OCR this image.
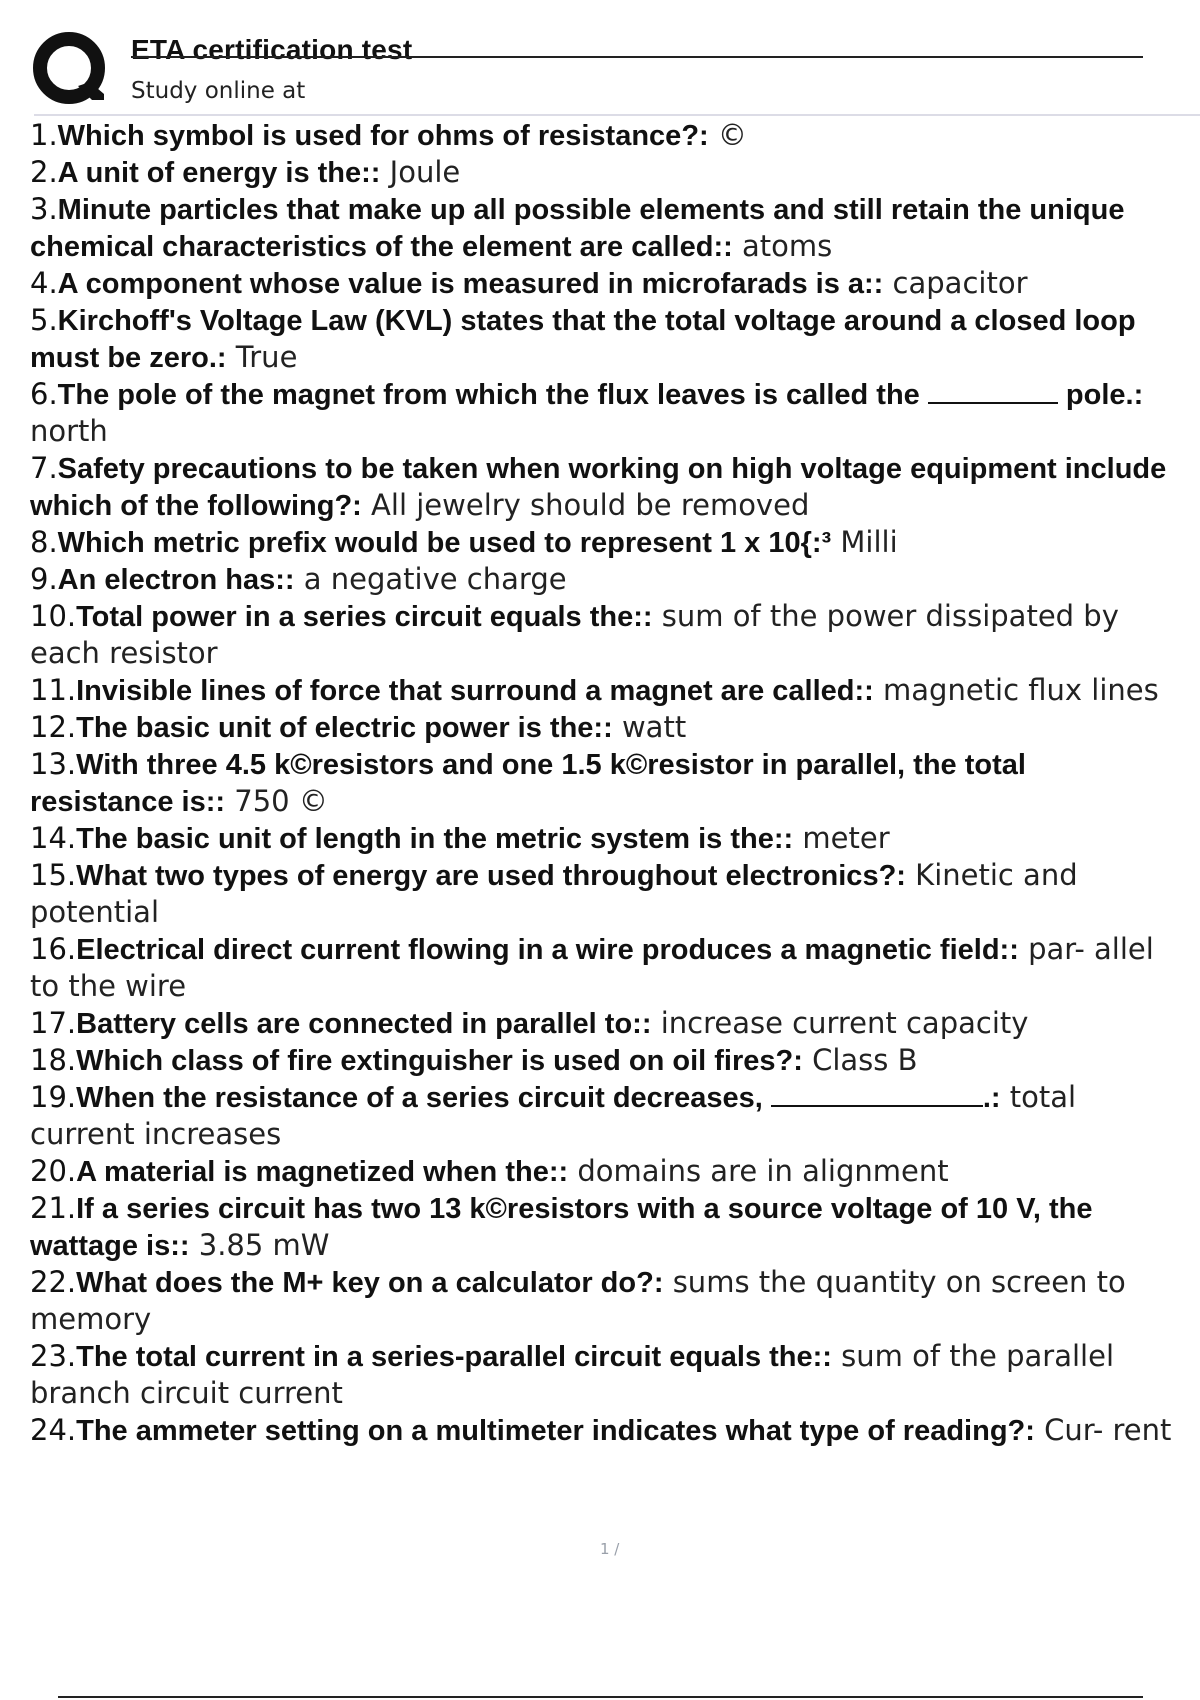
ETA certification test
Study online at
1.Which symbol is used for ohms of resistance?: ©
2.A unit of energy is the:: Joule
3.Minute particles that make up all possible elements and still retain the unique chemical characteristics of the element are called:: atoms
4.A component whose value is measured in microfarads is a:: capacitor
5.Kirchoff's Voltage Law (KVL) states that the total voltage around a closed loop must be zero.: True
6.The pole of the magnet from which the flux leaves is called the	pole.: north
7.Safety precautions to be taken when working on high voltage equipment include which of the following?: All jewelry should be removed
8.Which metric prefix would be used to represent 1 x 10{:³ Milli
9.An electron has:: a negative charge
10.Total power in a series circuit equals the:: sum of the power dissipated by each resistor
11.Invisible lines of force that surround a magnet are called:: magnetic flux lines
12.The basic unit of electric power is the:: watt
13.With three 4.5 k©resistors and one 1.5 k©resistor in parallel, the total resistance is:: 750 ©
14.The basic unit of length in the metric system is the:: meter
15.What two types of energy are used throughout electronics?: Kinetic and potential
16.Electrical direct current flowing in a wire produces a magnetic field:: par- allel to the wire
17.Battery cells are connected in parallel to:: increase current capacity
18.Which class of fire extinguisher is used on oil fires?: Class B
19.When the resistance of a series circuit decreases,	.: total current increases
20.A material is magnetized when the:: domains are in alignment
21.If a series circuit has two 13 k©resistors with a source voltage of 10 V, the wattage is:: 3.85 mW
22.What does the M+ key on a calculator do?: sums the quantity on screen to memory
23.The total current in a series-parallel circuit equals the:: sum of the parallel branch circuit current
24.The ammeter setting on a multimeter indicates what type of reading?: Cur- rent
1 /
